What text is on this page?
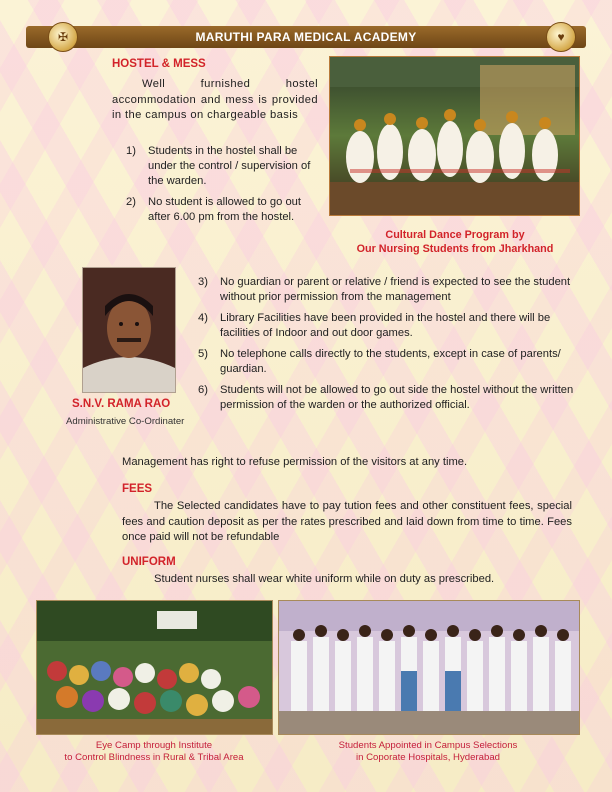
MARUTHI PARA MEDICAL ACADEMY
✠	♥
HOSTEL & MESS
Well furnished hostel accommodation and mess is provided in the campus on chargeable basis
1) Students in the hostel shall be under the control / supervision of the warden.
2) No student is allowed to go out after 6.00 pm from the hostel.
Cultural Dance Program by
Our Nursing Students from Jharkhand
S.N.V. RAMA RAO
Administrative Co-Ordinater
3) No guardian or parent or relative / friend is expected to see the student without prior permission from the management
4) Library Facilities have been provided in the hostel and there will be facilities of Indoor and out door games.
5) No telephone calls directly to the students, except in case of parents/ guardian.
6) Students will not be allowed to go out side the hostel without the written permission of the warden or the authorized official.
Management has right to refuse permission of the visitors at any time.
FEES
The Selected candidates have to pay tution fees and other constituent fees, special fees and caution deposit as per the rates prescribed and laid down from time to time. Fees once paid will not be refundable
UNIFORM
Student nurses shall wear white uniform while on duty as prescribed.
Eye Camp through Institute
to Control Blindness in Rural & Tribal Area
Students Appointed in Campus Selections
in Coporate Hospitals, Hyderabad
